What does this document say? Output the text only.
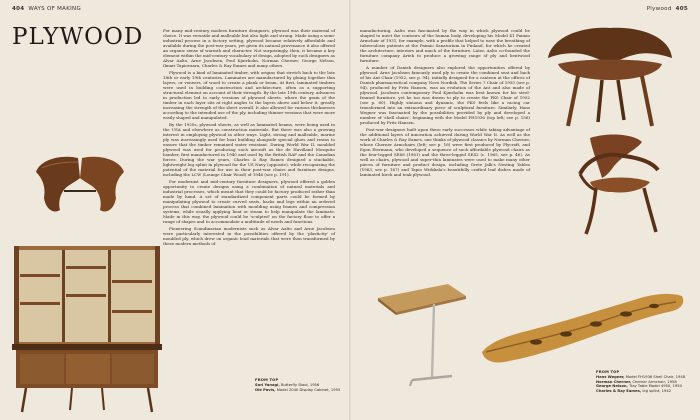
404 WAYS OF MAKING	Plywood 405
PLYWOOD	For many mid-century modern furniture designers, plywood was their material of choice. It was versatile and malleable but also light and strong. Made using a semi-industrial process in a factory setting, plywood became relatively affordable and available during the post-war years, yet given its natural provenance it also offered an organic sense of warmth and character. Not surprisingly, then, it became a key element within the mid-century vocabulary of design, adopted by such designers as Alvar Aalto, Arne Jacobsen, Poul Kjærholm, Norman Cherner, George Nelson, Ilmari Tapiovaara, Charles & Ray Eames and many others.

Plywood is a kind of laminated timber, with origins that stretch back to the late 18th or early 19th centuries. Laminates are manufactured by gluing together thin layers, or veneers, of wood to create a plank or beam. At first, laminated timbers were used in building construction and architecture, often as a supporting structural element on account of their strength. By the late 19th century, advances in production led to early versions of plywood sheets, where the grain of the timber in each layer sits at right angles to the layers above and below it, greatly increasing the strength of the sheet overall. It also allowed for various thicknesses according to the intended use of the ply, including thinner versions that were more easily shaped and manipulated.

By the 1920s, plywood sheets, as well as laminated beams, were being used in the USA and elsewhere as construction materials. But there was also a growing interest in employing plywood in other ways. Light, strong and malleable, marine ply was increasingly used for boat building alongside special glues and resins to ensure that the timber remained water resistant. During World War II, moulded plywood was used for producing such aircraft as the de Havilland Mosquito bomber, first manufactured in 1940 and used by the British RAF and the Canadian forces. During the war years, Charles & Ray Eames designed a stackable, lightweight leg splint in plywood for the US Navy (opposite), while recognizing the potential of the material for use in their post-war chairs and furniture designs, including the LCW (Lounge Chair Wood) of 1946 (see p. 191).

For modernist and mid-century furniture designers, plywood offered a golden opportunity to create designs using a combination of natural materials and industrial processes, which meant that they could be factory produced rather than made by hand. A set of standardized component parts could be formed by manipulating plywood to create curved seats, backs and legs within an ordered process that combined lamination with moulding using frames and compression systems, while usually applying heat or steam to help manipulate the laminate. Made in this way, the plywood could be 'sculpted' on the factory floor to offer a range of shapes and to accommodate a multitude of needs and functions.

Pioneering Scandinavian modernists such as Alvar Aalto and Arne Jacobsen were particularly interested in the possibilities offered by the 'plasticity' of moulded ply, which drew on organic lead materials that were then transformed by these modern methods of

manufacturing. Aalto was fascinated by the way in which plywood could be shaped to meet the contours of the human body, developing his Model 41 Paimio Armchair of 1931, for example, with a profile that helped to ease the breathing of tuberculosis patients at the Paimio Sanatorium in Finland, for which he created the architecture, interiors and much of the furniture. Later, Aalto co-founded the furniture company Artek to produce a growing range of ply and bentwood furniture.

A number of Danish designers also explored the opportunities offered by plywood. Arne Jacobsen famously used ply to create the combined seat and back of his Ant Chair (1952, see p. 94), initially designed for a canteen at the offices of Danish pharmaceutical company Novo Nordisk. The Series 7 Chair of 1955 (see p. 94), produced by Fritz Hansen, was an evolution of the Ant and also made of plywood. Jacobsen contemporary Poul Kjærholm was best known for his steel-framed furniture, yet he too was drawn to ply to create the PK0 Chair of 1952 (see p. 60). Highly sinuous and dynamic, the PK0 feels like a racing car transformed into an extraordinary piece of sculptural furniture. Similarly, Hans Wegner was fascinated by the possibilities provided by ply and developed a number of 'shell chairs', beginning with the Model FH1936 (top left; see p. 156) produced by Fritz Hansen.

Post-war designers built upon these early successes while taking advantage of the additional layers of innovation achieved during World War II. As well as the work of Charles & Ray Eames, one thinks of plywood classics by Norman Cherner, whose Cherner Armchairs (left; see p. 16) were first produced by Plycraft, and Egon Eiermann, who developed a sequence of such affordable plywood chairs as the four-legged SE68 (1961) and the three-legged SE42 (c. 1965, see p. 46). As well as chairs, plywood and super-thin laminates were used to make many other pieces of furniture and product design, including Grete Jalk's Nesting Tables (1963, see p. 167) and Tapio Wirkkala's beautifully crafted leaf dishes made of laminated birch and teak plywood.

FROM TOP
Sori Yanagi, Butterfly Stool, 1956
Ole Pavis, Model 2040 Display Cabinet, 1955
FROM TOP
Hans Wegner, Model FH1936 Shell Chair, 1948
Norman Cherner, Cherner Armchair, 1958
George Nelson, Tray Table Model 4950, 1950
Charles & Ray Eames, leg splint, 1942
